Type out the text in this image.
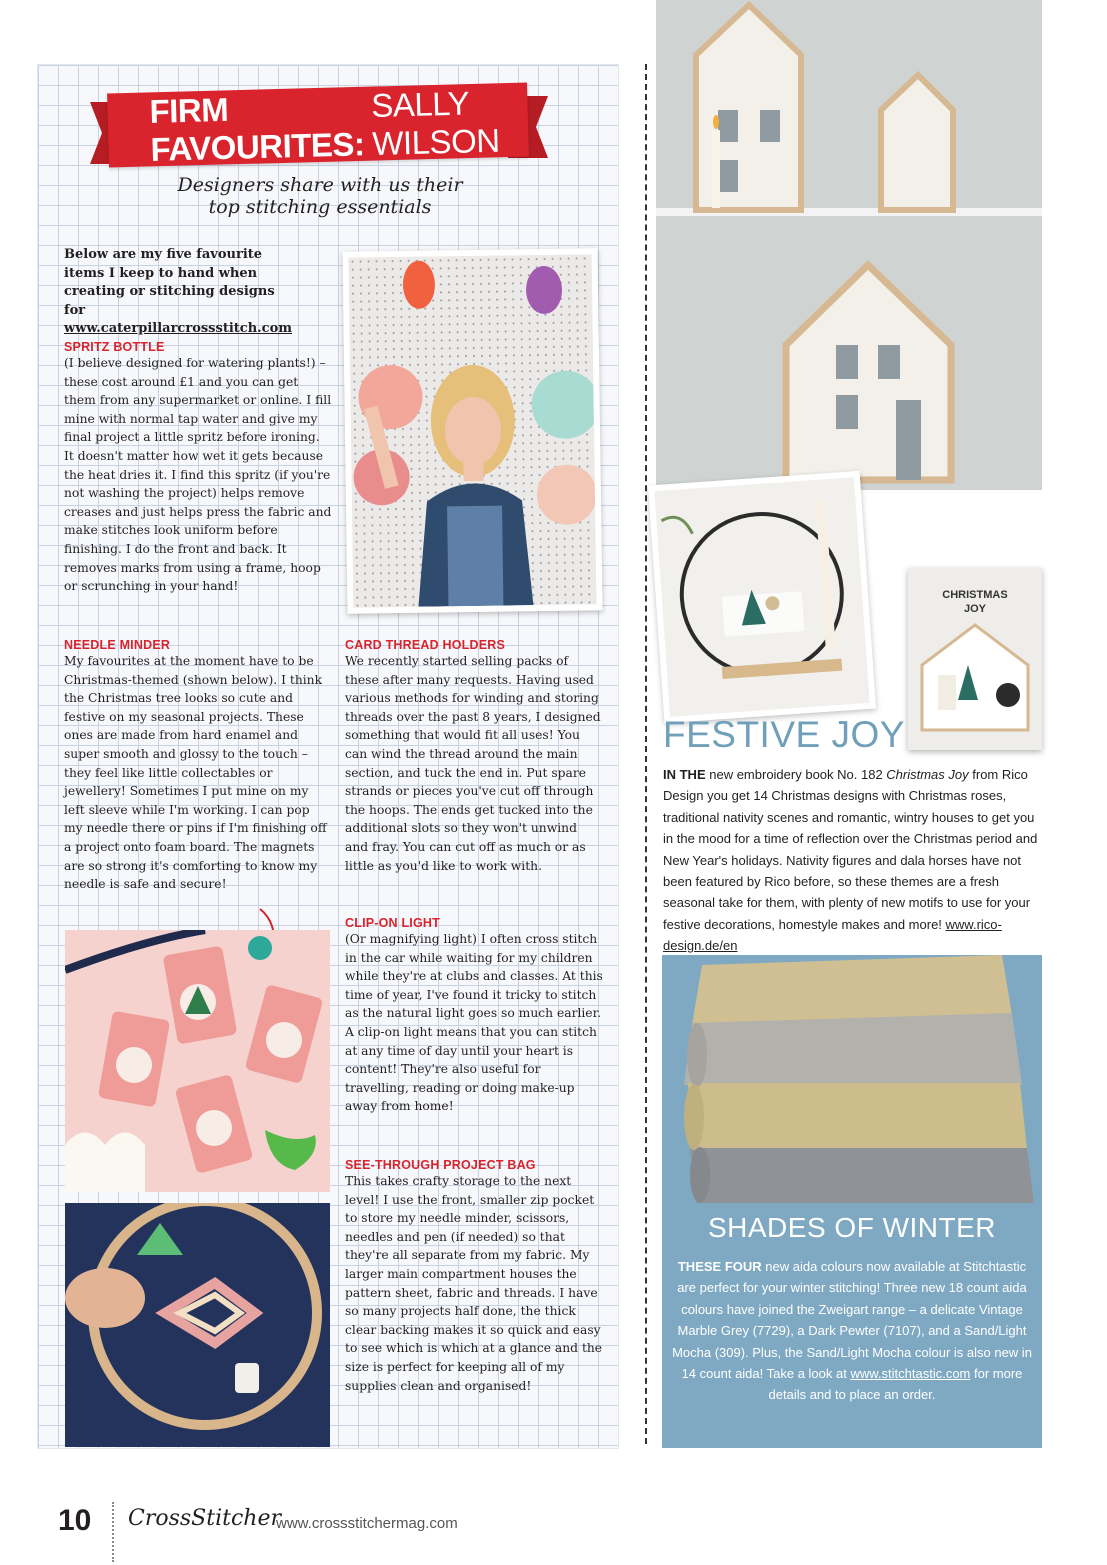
FIRM FAVOURITES:
SALLY WILSON
Designers share with us their
top stitching essentials
Below are my five favourite items I keep to hand when creating or stitching designs for
www.caterpillarcrossstitch.com

SPRITZ BOTTLE

(I believe designed for watering plants!) – these cost around £1 and you can get them from any supermarket or online. I fill mine with normal tap water and give my final project a little spritz before ironing. It doesn't matter how wet it gets because the heat dries it. I find this spritz (if you're not washing the project) helps remove creases and just helps press the fabric and make stitches look uniform before finishing. I do the front and back. It removes marks from using a frame, hoop or scrunching in your hand!

NEEDLE MINDER

My favourites at the moment have to be Christmas-themed (shown below). I think the Christmas tree looks so cute and festive on my seasonal projects. These ones are made from hard enamel and super smooth and glossy to the touch – they feel like little collectables or jewellery! Sometimes I put mine on my left sleeve while I'm working. I can pop my needle there or pins if I'm finishing off a project onto foam board. The magnets are so strong it's comforting to know my needle is safe and secure!

CARD THREAD HOLDERS

We recently started selling packs of these after many requests. Having used various methods for winding and storing threads over the past 8 years, I designed something that would fit all uses! You can wind the thread around the main section, and tuck the end in. Put spare strands or pieces you've cut off through the hoops. The ends get tucked into the additional slots so they won't unwind and fray. You can cut off as much or as little as you'd like to work with.

CLIP-ON LIGHT

(Or magnifying light) I often cross stitch in the car while waiting for my children while they're at clubs and classes. At this time of year, I've found it tricky to stitch as the natural light goes so much earlier. A clip-on light means that you can stitch at any time of day until your heart is content! They're also useful for travelling, reading or doing make-up away from home!

SEE-THROUGH PROJECT BAG

This takes crafty storage to the next level! I use the front, smaller zip pocket to store my needle minder, scissors, needles and pen (if needed) so that they're all separate from my fabric. My larger main compartment houses the pattern sheet, fabric and threads. I have so many projects half done, the thick clear backing makes it so quick and easy to see which is which at a glance and the size is perfect for keeping all of my supplies clean and organised!

CHRISTMAS
JOY
FESTIVE JOY
IN THE new embroidery book No. 182 Christmas Joy from Rico Design you get 14 Christmas designs with Christmas roses, traditional nativity scenes and romantic, wintry houses to get you in the mood for a time of reflection over the Christmas period and New Year's holidays. Nativity figures and dala horses have not been featured by Rico before, so these themes are a fresh seasonal take for them, with plenty of new motifs to use for your festive decorations, homestyle makes and more! www.rico-design.de/en
SHADES OF WINTER
THESE FOUR new aida colours now available at Stitchtastic are perfect for your winter stitching! Three new 18 count aida colours have joined the Zweigart range – a delicate Vintage Marble Grey (7729), a Dark Pewter (7107), and a Sand/Light Mocha (309). Plus, the Sand/Light Mocha colour is also new in 14 count aida! Take a look at www.stitchtastic.com for more details and to place an order.
10 CrossStitcher
www.crossstitchermag.com
